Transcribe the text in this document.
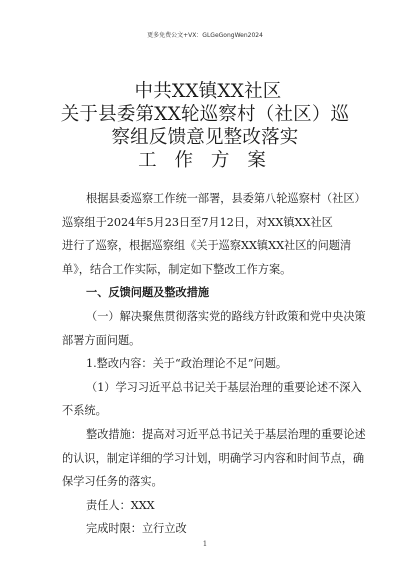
更多免费公文+VX：GLGeGongWen2024
中共XX镇XX社区
关于县委第XX轮巡察村（社区）巡
察组反馈意见整改落实
工 作 方 案
根据县委巡察工作统一部署，县委第八轮巡察村（社区）
巡察组于2024年5月23日至7月12日，对XX镇XX社区
进行了巡察，根据巡察组《关于巡察XX镇XX社区的问题清
单》，结合工作实际，制定如下整改工作方案。
一、反馈问题及整改措施
（一）解决聚焦贯彻落实党的路线方针政策和党中央决策
部署方面问题。
1.整改内容：关于“政治理论不足”问题。
（1）学习习近平总书记关于基层治理的重要论述不深入
不系统。
整改措施：提高对习近平总书记关于基层治理的重要论述
的认识，制定详细的学习计划，明确学习内容和时间节点，确
保学习任务的落实。
责任人：XXX
完成时限：立行立改
1
